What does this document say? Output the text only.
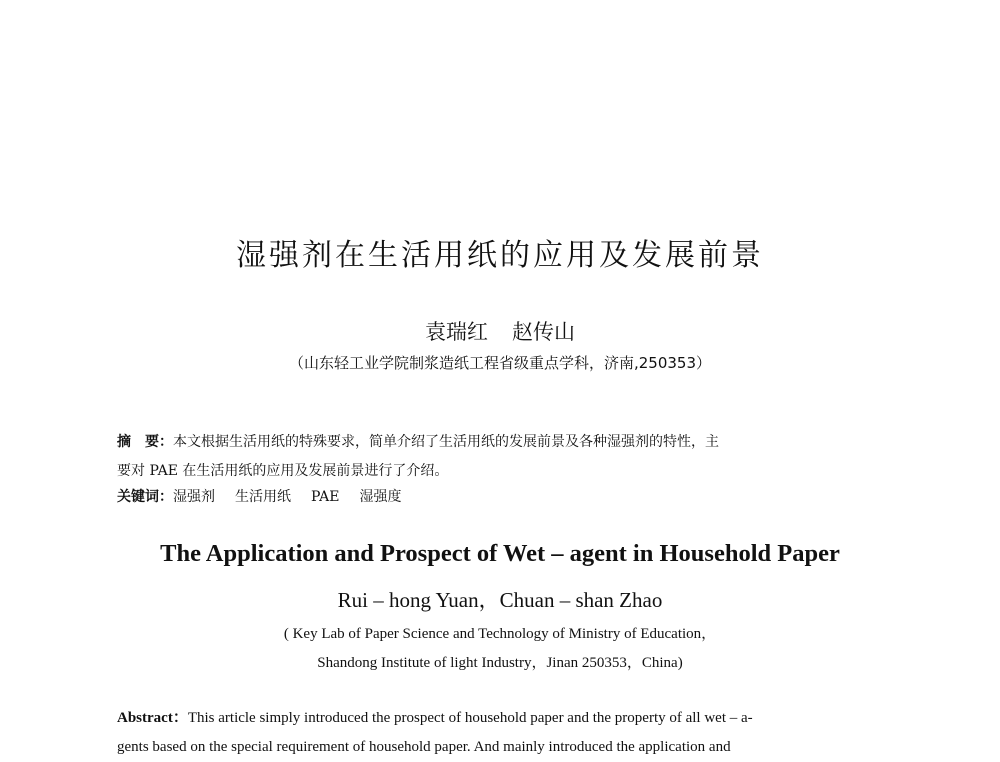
湿强剂在生活用纸的应用及发展前景
袁瑞红 赵传山
（山东轻工业学院制浆造纸工程省级重点学科，济南,250353）
摘　要：本文根据生活用纸的特殊要求，简单介绍了生活用纸的发展前景及各种湿强剂的特性，主
要对 PAE 在生活用纸的应用及发展前景进行了介绍。
关键词：湿强剂 生活用纸 PAE 湿强度
The Application and Prospect of Wet – agent in Household Paper
Rui – hong Yuan，Chuan – shan Zhao
( Key Lab of Paper Science and Technology of Ministry of Education，
Shandong Institute of light Industry，Jinan 250353，China)
Abstract：This article simply introduced the prospect of household paper and the property of all wet – a-
gents based on the special requirement of household paper. And mainly introduced the application and
